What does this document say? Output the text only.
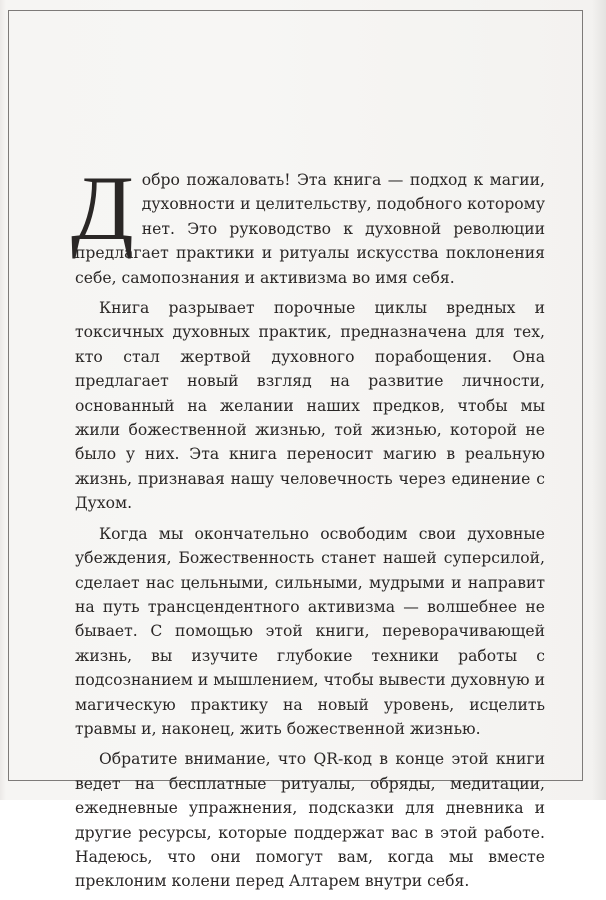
Добро пожаловать! Эта книга — подход к магии, духовности и целительству, подобного которому нет. Это руководство к духовной революции предлагает практики и ритуалы искусства поклонения себе, самопознания и активизма во имя себя.

Книга разрывает порочные циклы вредных и токсичных духовных практик, предназначена для тех, кто стал жертвой духовного порабощения. Она предлагает новый взгляд на развитие личности, основанный на желании наших предков, чтобы мы жили божественной жизнью, той жизнью, которой не было у них. Эта книга переносит магию в реальную жизнь, признавая нашу человечность через единение с Духом.

Когда мы окончательно освободим свои духовные убеждения, Божественность станет нашей суперсилой, сделает нас цельными, сильными, мудрыми и направит на путь трансцендентного активизма — волшебнее не бывает. С помощью этой книги, переворачивающей жизнь, вы изучите глубокие техники работы с подсознанием и мышлением, чтобы вывести духовную и магическую практику на новый уровень, исцелить травмы и, наконец, жить божественной жизнью.

Обратите внимание, что QR-код в конце этой книги ведет на бесплатные ритуалы, обряды, медитации, ежедневные упражнения, подсказки для дневника и другие ресурсы, которые поддержат вас в этой работе. Надеюсь, что они помогут вам, когда мы вместе преклоним колени перед Алтарем внутри себя.
